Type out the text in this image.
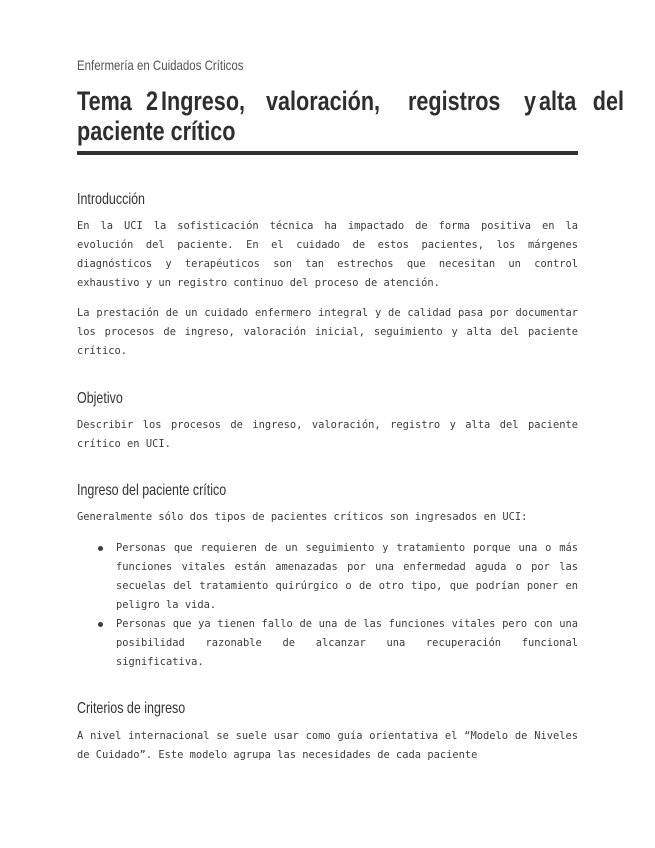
Enfermería en Cuidados Críticos
Tema 2 Ingreso, valoración, registros y alta del
paciente crítico
Introducción

En la UCI la sofisticación técnica ha impactado de forma positiva en la evolución del paciente. En el cuidado de estos pacientes, los márgenes diagnósticos y terapéuticos son tan estrechos que necesitan un control exhaustivo y un registro continuo del proceso de atención.

La prestación de un cuidado enfermero integral y de calidad pasa por documentar los procesos de ingreso, valoración inicial, seguimiento y alta del paciente crítico.

Objetivo

Describir los procesos de ingreso, valoración, registro y alta del paciente crítico en UCI.

Ingreso del paciente crítico

Generalmente sólo dos tipos de pacientes críticos son ingresados en UCI:

Personas que requieren de un seguimiento y tratamiento porque una o más funciones vitales están amenazadas por una enfermedad aguda o por las secuelas del tratamiento quirúrgico o de otro tipo, que podrían poner en peligro la vida.
Personas que ya tienen fallo de una de las funciones vitales pero con una posibilidad razonable de alcanzar una recuperación funcional significativa.
Criterios de ingreso

A nivel internacional se suele usar como guía orientativa el “Modelo de Niveles de Cuidado”. Este modelo agrupa las necesidades de cada paciente
